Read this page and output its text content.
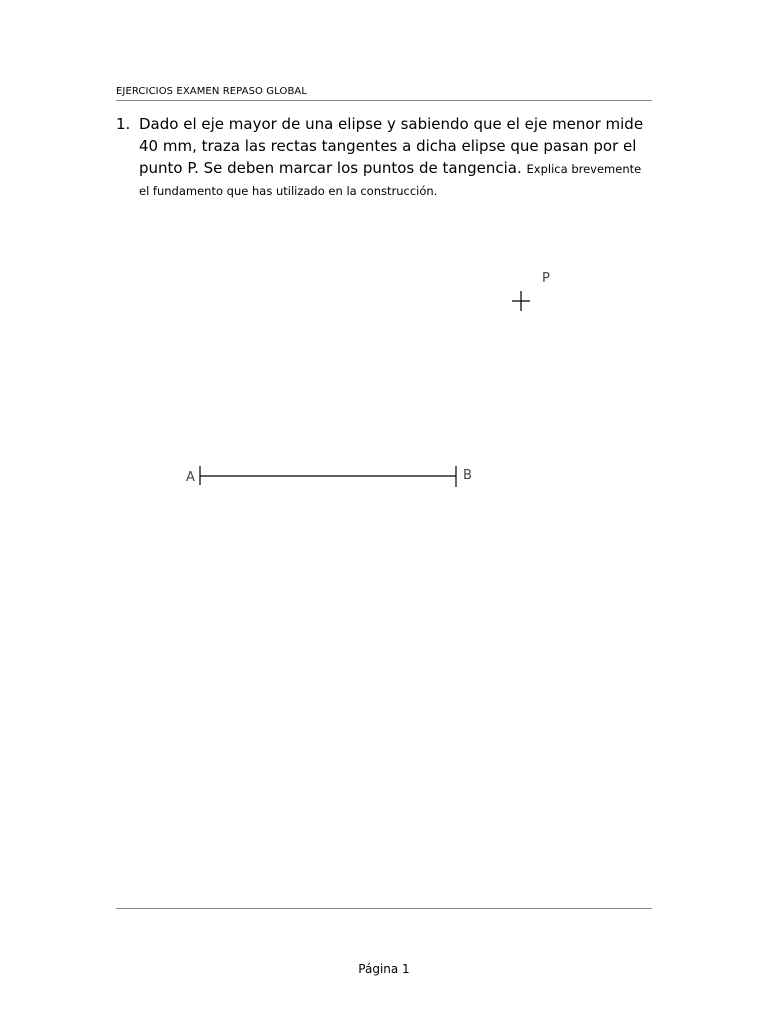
EJERCICIOS EXAMEN REPASO GLOBAL
1. Dado el eje mayor de una elipse y sabiendo que el eje menor mide 40 mm, traza las rectas tangentes a dicha elipse que pasan por el punto P. Se deben marcar los puntos de tangencia. Explica brevemente el fundamento que has utilizado en la construcción.
P
A	B
Página 1
